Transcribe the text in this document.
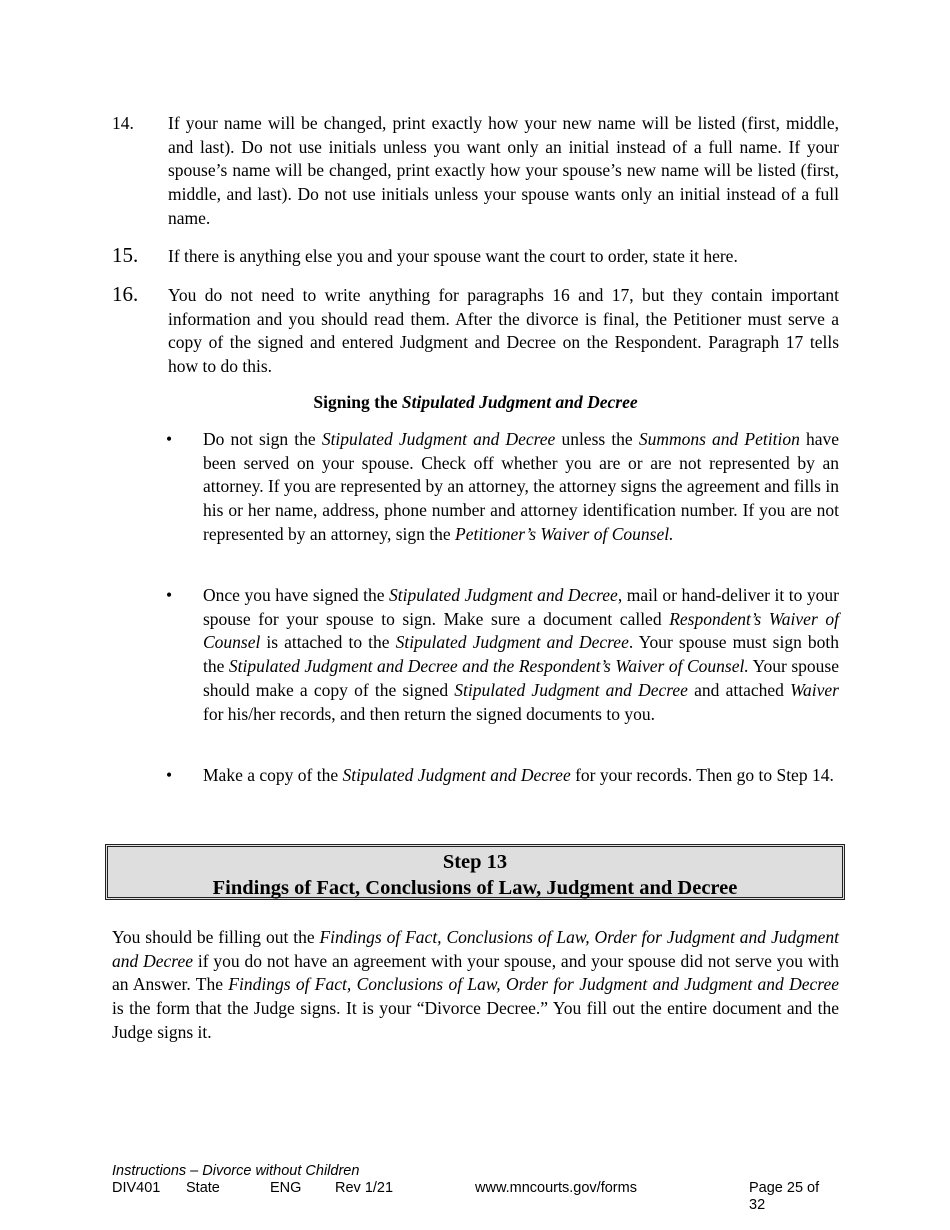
14. If your name will be changed, print exactly how your new name will be listed (first, middle, and last). Do not use initials unless you want only an initial instead of a full name. If your spouse’s name will be changed, print exactly how your spouse’s new name will be listed (first, middle, and last). Do not use initials unless your spouse wants only an initial instead of a full name.
15. If there is anything else you and your spouse want the court to order, state it here.
16. You do not need to write anything for paragraphs 16 and 17, but they contain important information and you should read them. After the divorce is final, the Petitioner must serve a copy of the signed and entered Judgment and Decree on the Respondent. Paragraph 17 tells how to do this.
Signing the Stipulated Judgment and Decree
• Do not sign the Stipulated Judgment and Decree unless the Summons and Petition have been served on your spouse. Check off whether you are or are not represented by an attorney. If you are represented by an attorney, the attorney signs the agreement and fills in his or her name, address, phone number and attorney identification number. If you are not represented by an attorney, sign the Petitioner’s Waiver of Counsel.
• Once you have signed the Stipulated Judgment and Decree, mail or hand-deliver it to your spouse for your spouse to sign. Make sure a document called Respondent’s Waiver of Counsel is attached to the Stipulated Judgment and Decree. Your spouse must sign both the Stipulated Judgment and Decree and the Respondent’s Waiver of Counsel. Your spouse should make a copy of the signed Stipulated Judgment and Decree and attached Waiver for his/her records, and then return the signed documents to you.
• Make a copy of the Stipulated Judgment and Decree for your records. Then go to Step 14.
Step 13
Findings of Fact, Conclusions of Law, Judgment and Decree
You should be filling out the Findings of Fact, Conclusions of Law, Order for Judgment and Judgment and Decree if you do not have an agreement with your spouse, and your spouse did not serve you with an Answer. The Findings of Fact, Conclusions of Law, Order for Judgment and Judgment and Decree is the form that the Judge signs. It is your “Divorce Decree.” You fill out the entire document and the Judge signs it.
Instructions – Divorce without Children
DIV401 State	ENG Rev 1/21	www.mncourts.gov/forms	Page 25 of 32
